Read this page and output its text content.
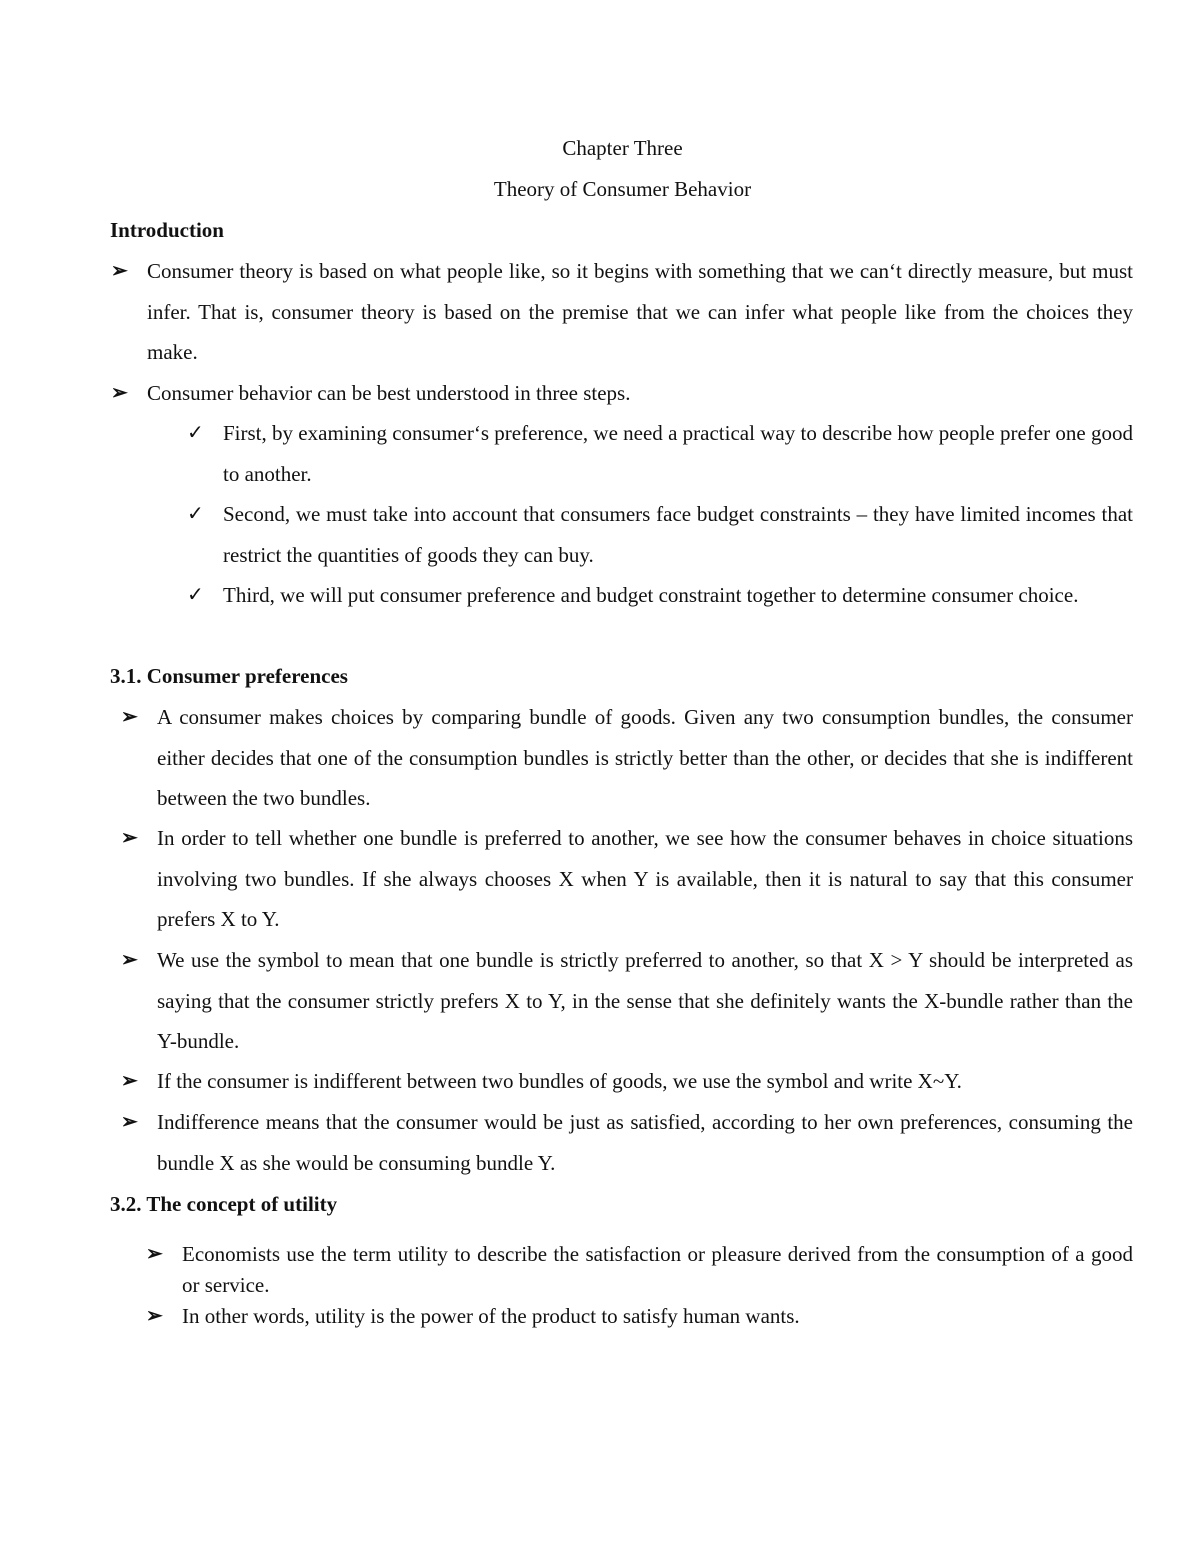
Chapter Three
Theory of Consumer Behavior
Introduction
➢ Consumer theory is based on what people like, so it begins with something that we can‘t directly measure, but must infer. That is, consumer theory is based on the premise that we can infer what people like from the choices they make.
➢ Consumer behavior can be best understood in three steps.
✓ First, by examining consumer‘s preference, we need a practical way to describe how people prefer one good to another.
✓ Second, we must take into account that consumers face budget constraints – they have limited incomes that restrict the quantities of goods they can buy.
✓ Third, we will put consumer preference and budget constraint together to determine consumer choice.
3.1. Consumer preferences
➢ A consumer makes choices by comparing bundle of goods. Given any two consumption bundles, the consumer either decides that one of the consumption bundles is strictly better than the other, or decides that she is indifferent between the two bundles.
➢ In order to tell whether one bundle is preferred to another, we see how the consumer behaves in choice situations involving two bundles. If she always chooses X when Y is available, then it is natural to say that this consumer prefers X to Y.
➢ We use the symbol to mean that one bundle is strictly preferred to another, so that X > Y should be interpreted as saying that the consumer strictly prefers X to Y, in the sense that she definitely wants the X-bundle rather than the Y-bundle.
➢ If the consumer is indifferent between two bundles of goods, we use the symbol and write X~Y.
➢ Indifference means that the consumer would be just as satisfied, according to her own preferences, consuming the bundle X as she would be consuming bundle Y.
3.2. The concept of utility
➢ Economists use the term utility to describe the satisfaction or pleasure derived from the consumption of a good or service.
➢ In other words, utility is the power of the product to satisfy human wants.
